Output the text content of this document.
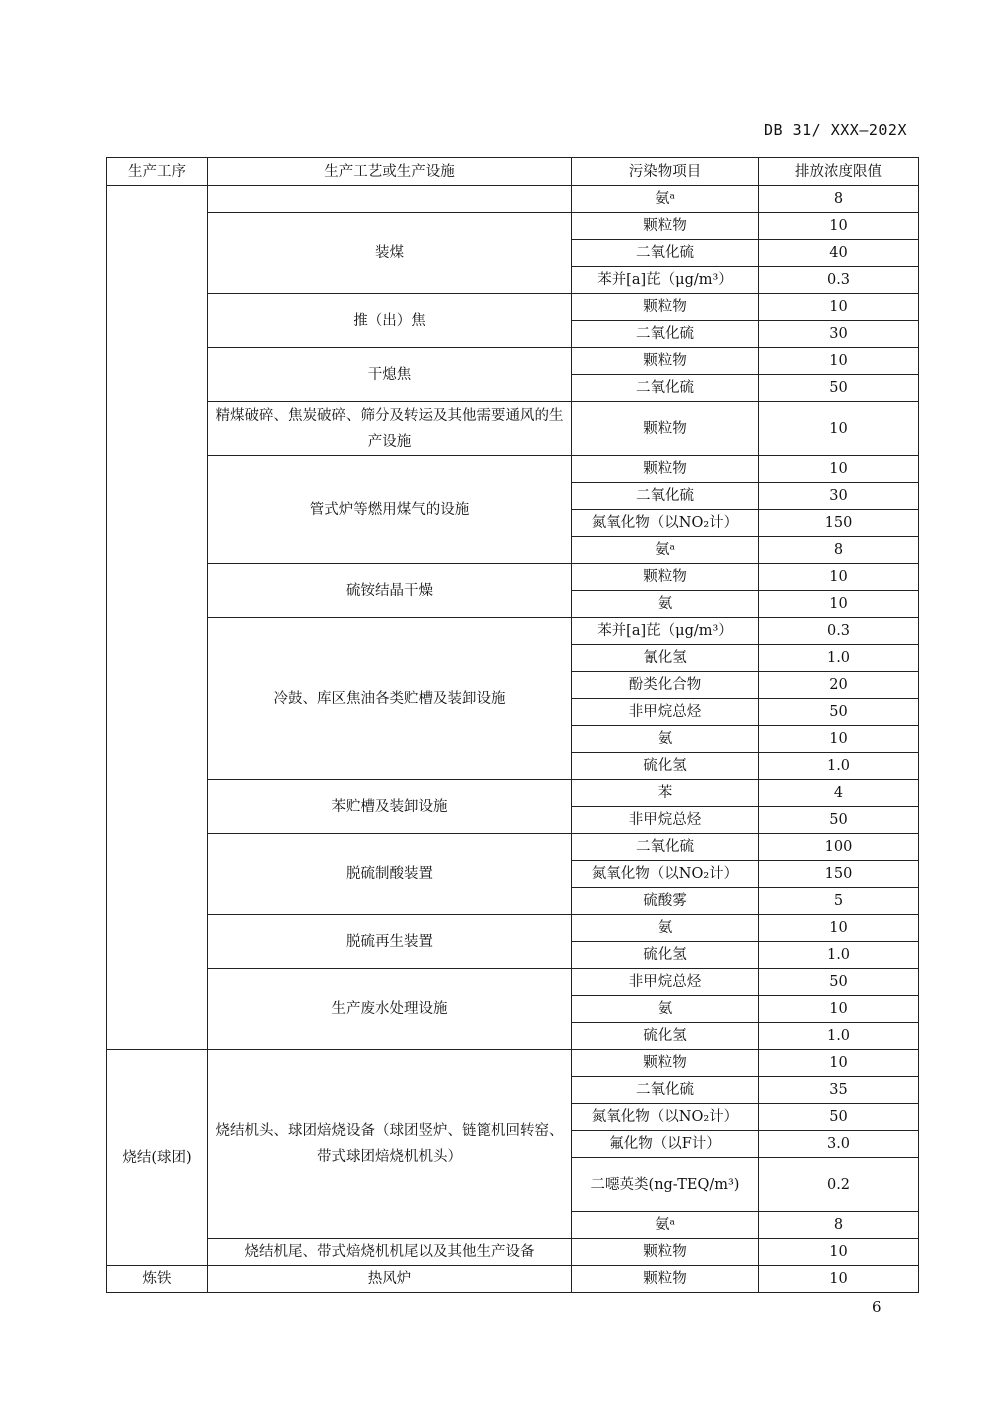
DB 31/ XXX—202X
生产工序	生产工艺或生产设施	污染物项目	排放浓度限值
		氨ᵃ	8
	装煤	颗粒物	10
		二氧化硫	40
		苯并[a]芘（μg/m³）	0.3
	推（出）焦	颗粒物	10
		二氧化硫	30
	干熄焦	颗粒物	10
		二氧化硫	50
	精煤破碎、焦炭破碎、筛分及转运及其他需要通风的生产设施	颗粒物	10
	管式炉等燃用煤气的设施	颗粒物	10
		二氧化硫	30
		氮氧化物（以NO₂计）	150
		氨ᵃ	8
	硫铵结晶干燥	颗粒物	10
		氨	10
	冷鼓、库区焦油各类贮槽及装卸设施	苯并[a]芘（μg/m³）	0.3
		氰化氢	1.0
		酚类化合物	20
		非甲烷总烃	50
		氨	10
		硫化氢	1.0
	苯贮槽及装卸设施	苯	4
		非甲烷总烃	50
	脱硫制酸装置	二氧化硫	100
		氮氧化物（以NO₂计）	150
		硫酸雾	5
	脱硫再生装置	氨	10
		硫化氢	1.0
	生产废水处理设施	非甲烷总烃	50
		氨	10
		硫化氢	1.0
烧结(球团)	烧结机头、球团焙烧设备（球团竖炉、链篦机回转窑、带式球团焙烧机机头）	颗粒物	10
		二氧化硫	35
		氮氧化物（以NO₂计）	50
		氟化物（以F计）	3.0
		二噁英类(ng-TEQ/m³)	0.2
		氨ᵃ	8
	烧结机尾、带式焙烧机机尾以及其他生产设备	颗粒物	10
炼铁	热风炉	颗粒物	10
6
